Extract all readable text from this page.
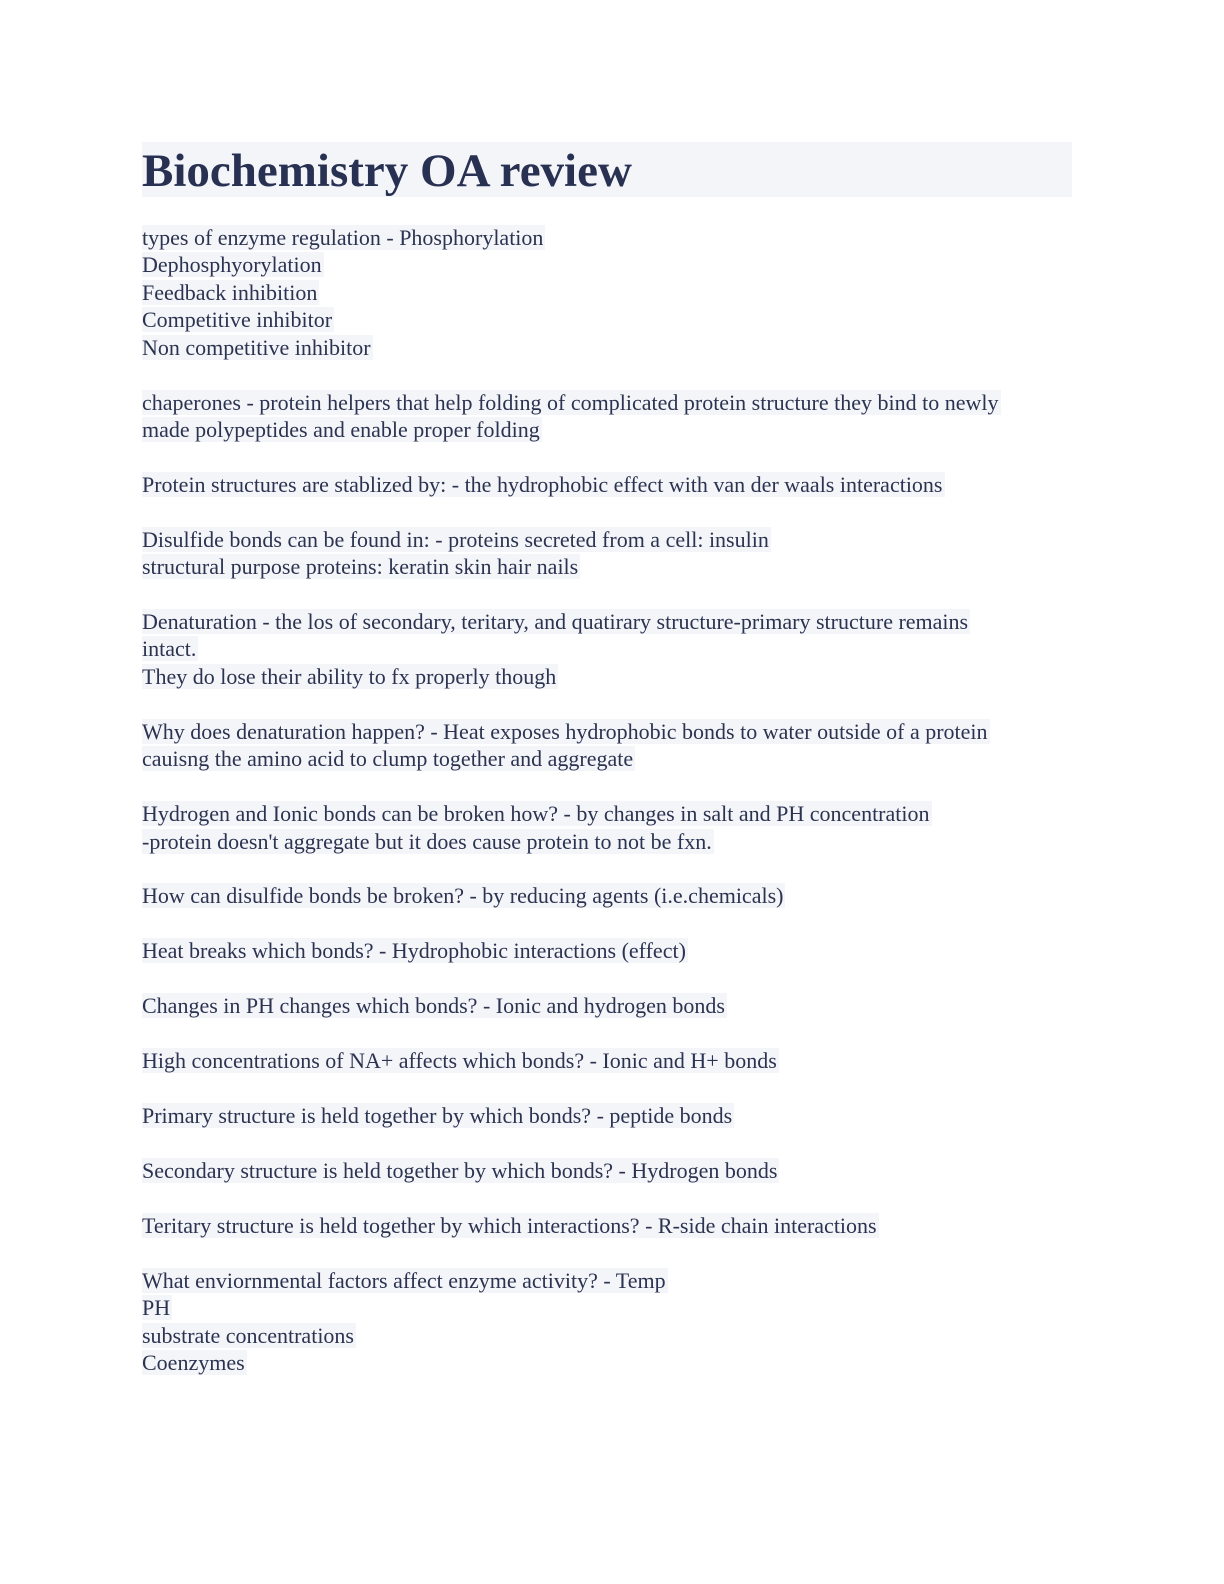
Biochemistry OA review
types of enzyme regulation - Phosphorylation
Dephosphyorylation
Feedback inhibition
Competitive inhibitor
Non competitive inhibitor
chaperones - protein helpers that help folding of complicated protein structure they bind to newly
made polypeptides and enable proper folding
Protein structures are stablized by: - the hydrophobic effect with van der waals interactions
Disulfide bonds can be found in: - proteins secreted from a cell: insulin
structural purpose proteins: keratin skin hair nails
Denaturation - the los of secondary, teritary, and quatirary structure-primary structure remains
intact.
They do lose their ability to fx properly though
Why does denaturation happen? - Heat exposes hydrophobic bonds to water outside of a protein
cauisng the amino acid to clump together and aggregate
Hydrogen and Ionic bonds can be broken how? - by changes in salt and PH concentration
-protein doesn't aggregate but it does cause protein to not be fxn.
How can disulfide bonds be broken? - by reducing agents (i.e.chemicals)
Heat breaks which bonds? - Hydrophobic interactions (effect)
Changes in PH changes which bonds? - Ionic and hydrogen bonds
High concentrations of NA+ affects which bonds? - Ionic and H+ bonds
Primary structure is held together by which bonds? - peptide bonds
Secondary structure is held together by which bonds? - Hydrogen bonds
Teritary structure is held together by which interactions? - R-side chain interactions
What enviornmental factors affect enzyme activity? - Temp
PH
substrate concentrations
Coenzymes
